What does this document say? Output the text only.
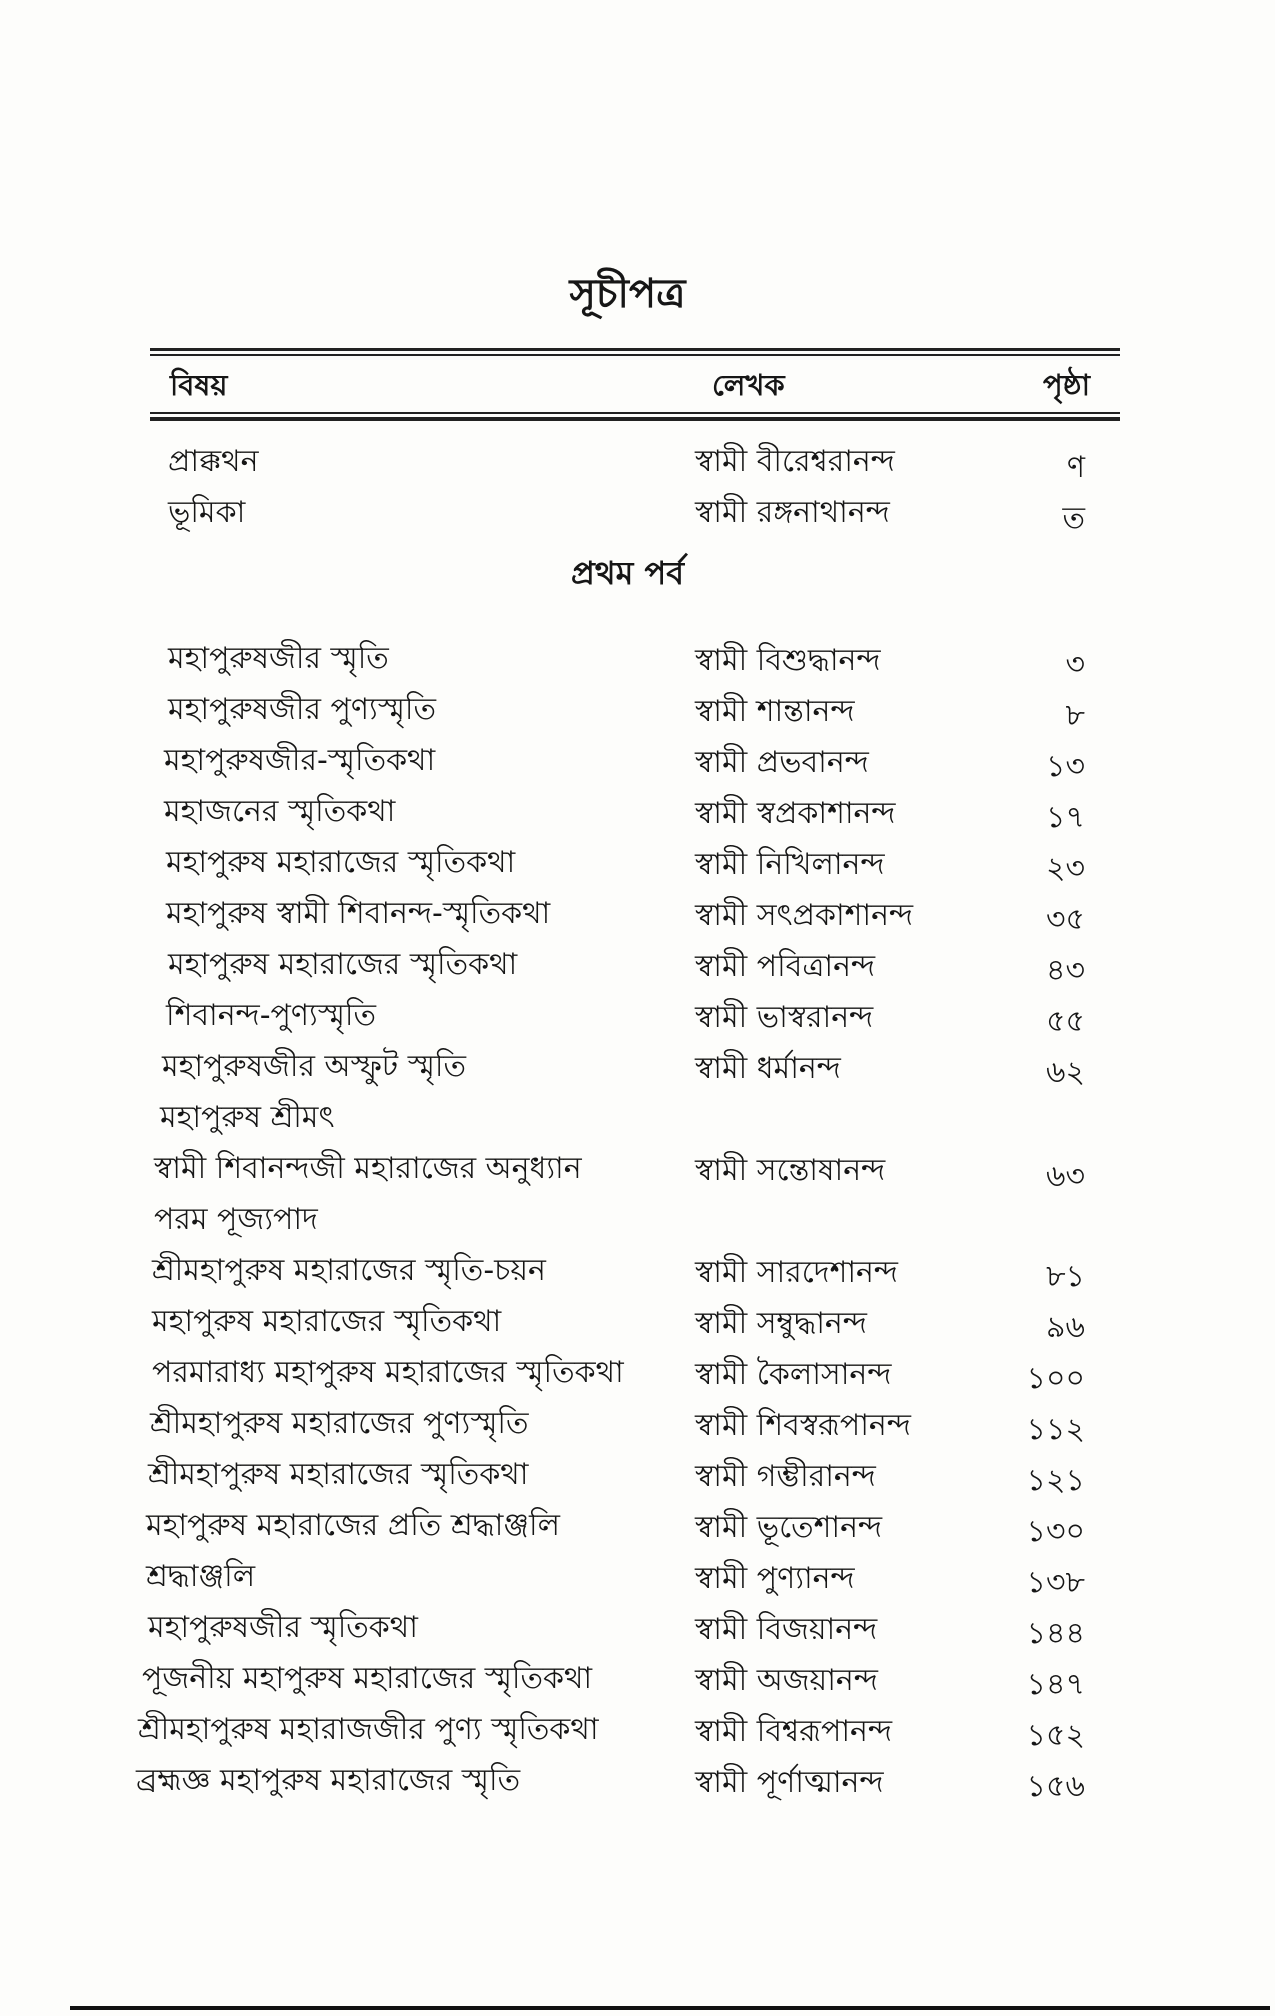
সূচীপত্র
বিষয়	লেখক	পৃষ্ঠা
প্রাক্কথন	স্বামী বীরেশ্বরানন্দ	ণ
ভূমিকা	স্বামী রঙ্গনাথানন্দ	ত
প্রথম পর্ব
মহাপুরুষজীর স্মৃতি	স্বামী বিশুদ্ধানন্দ	৩
মহাপুরুষজীর পুণ্যস্মৃতি	স্বামী শান্তানন্দ	৮
মহাপুরুষজীর-স্মৃতিকথা	স্বামী প্রভবানন্দ	১৩
মহাজনের স্মৃতিকথা	স্বামী স্বপ্রকাশানন্দ	১৭
মহাপুরুষ মহারাজের স্মৃতিকথা	স্বামী নিখিলানন্দ	২৩
মহাপুরুষ স্বামী শিবানন্দ-স্মৃতিকথা	স্বামী সৎপ্রকাশানন্দ	৩৫
মহাপুরুষ মহারাজের স্মৃতিকথা	স্বামী পবিত্রানন্দ	৪৩
শিবানন্দ-পুণ্যস্মৃতি	স্বামী ভাস্বরানন্দ	৫৫
মহাপুরুষজীর অস্ফুট স্মৃতি	স্বামী ধর্মানন্দ	৬২
মহাপুরুষ শ্রীমৎ
স্বামী শিবানন্দজী মহারাজের অনুধ্যান	স্বামী সন্তোষানন্দ	৬৩
পরম পূজ্যপাদ
শ্রীমহাপুরুষ মহারাজের স্মৃতি-চয়ন	স্বামী সারদেশানন্দ	৮১
মহাপুরুষ মহারাজের স্মৃতিকথা	স্বামী সম্বুদ্ধানন্দ	৯৬
পরমারাধ্য মহাপুরুষ মহারাজের স্মৃতিকথা স্বামী কৈলাসানন্দ	১০০
শ্রীমহাপুরুষ মহারাজের পুণ্যস্মৃতি	স্বামী শিবস্বরূপানন্দ	১১২
শ্রীমহাপুরুষ মহারাজের স্মৃতিকথা	স্বামী গম্ভীরানন্দ	১২১
মহাপুরুষ মহারাজের প্রতি শ্রদ্ধাঞ্জলি	স্বামী ভূতেশানন্দ	১৩০
শ্রদ্ধাঞ্জলি	স্বামী পুণ্যানন্দ	১৩৮
মহাপুরুষজীর স্মৃতিকথা	স্বামী বিজয়ানন্দ	১৪৪
পূজনীয় মহাপুরুষ মহারাজের স্মৃতিকথা	স্বামী অজয়ানন্দ	১৪৭
শ্রীমহাপুরুষ মহারাজজীর পুণ্য স্মৃতিকথা	স্বামী বিশ্বরূপানন্দ	১৫২
ব্রহ্মজ্ঞ মহাপুরুষ মহারাজের স্মৃতি	স্বামী পূর্ণাত্মানন্দ	১৫৬
